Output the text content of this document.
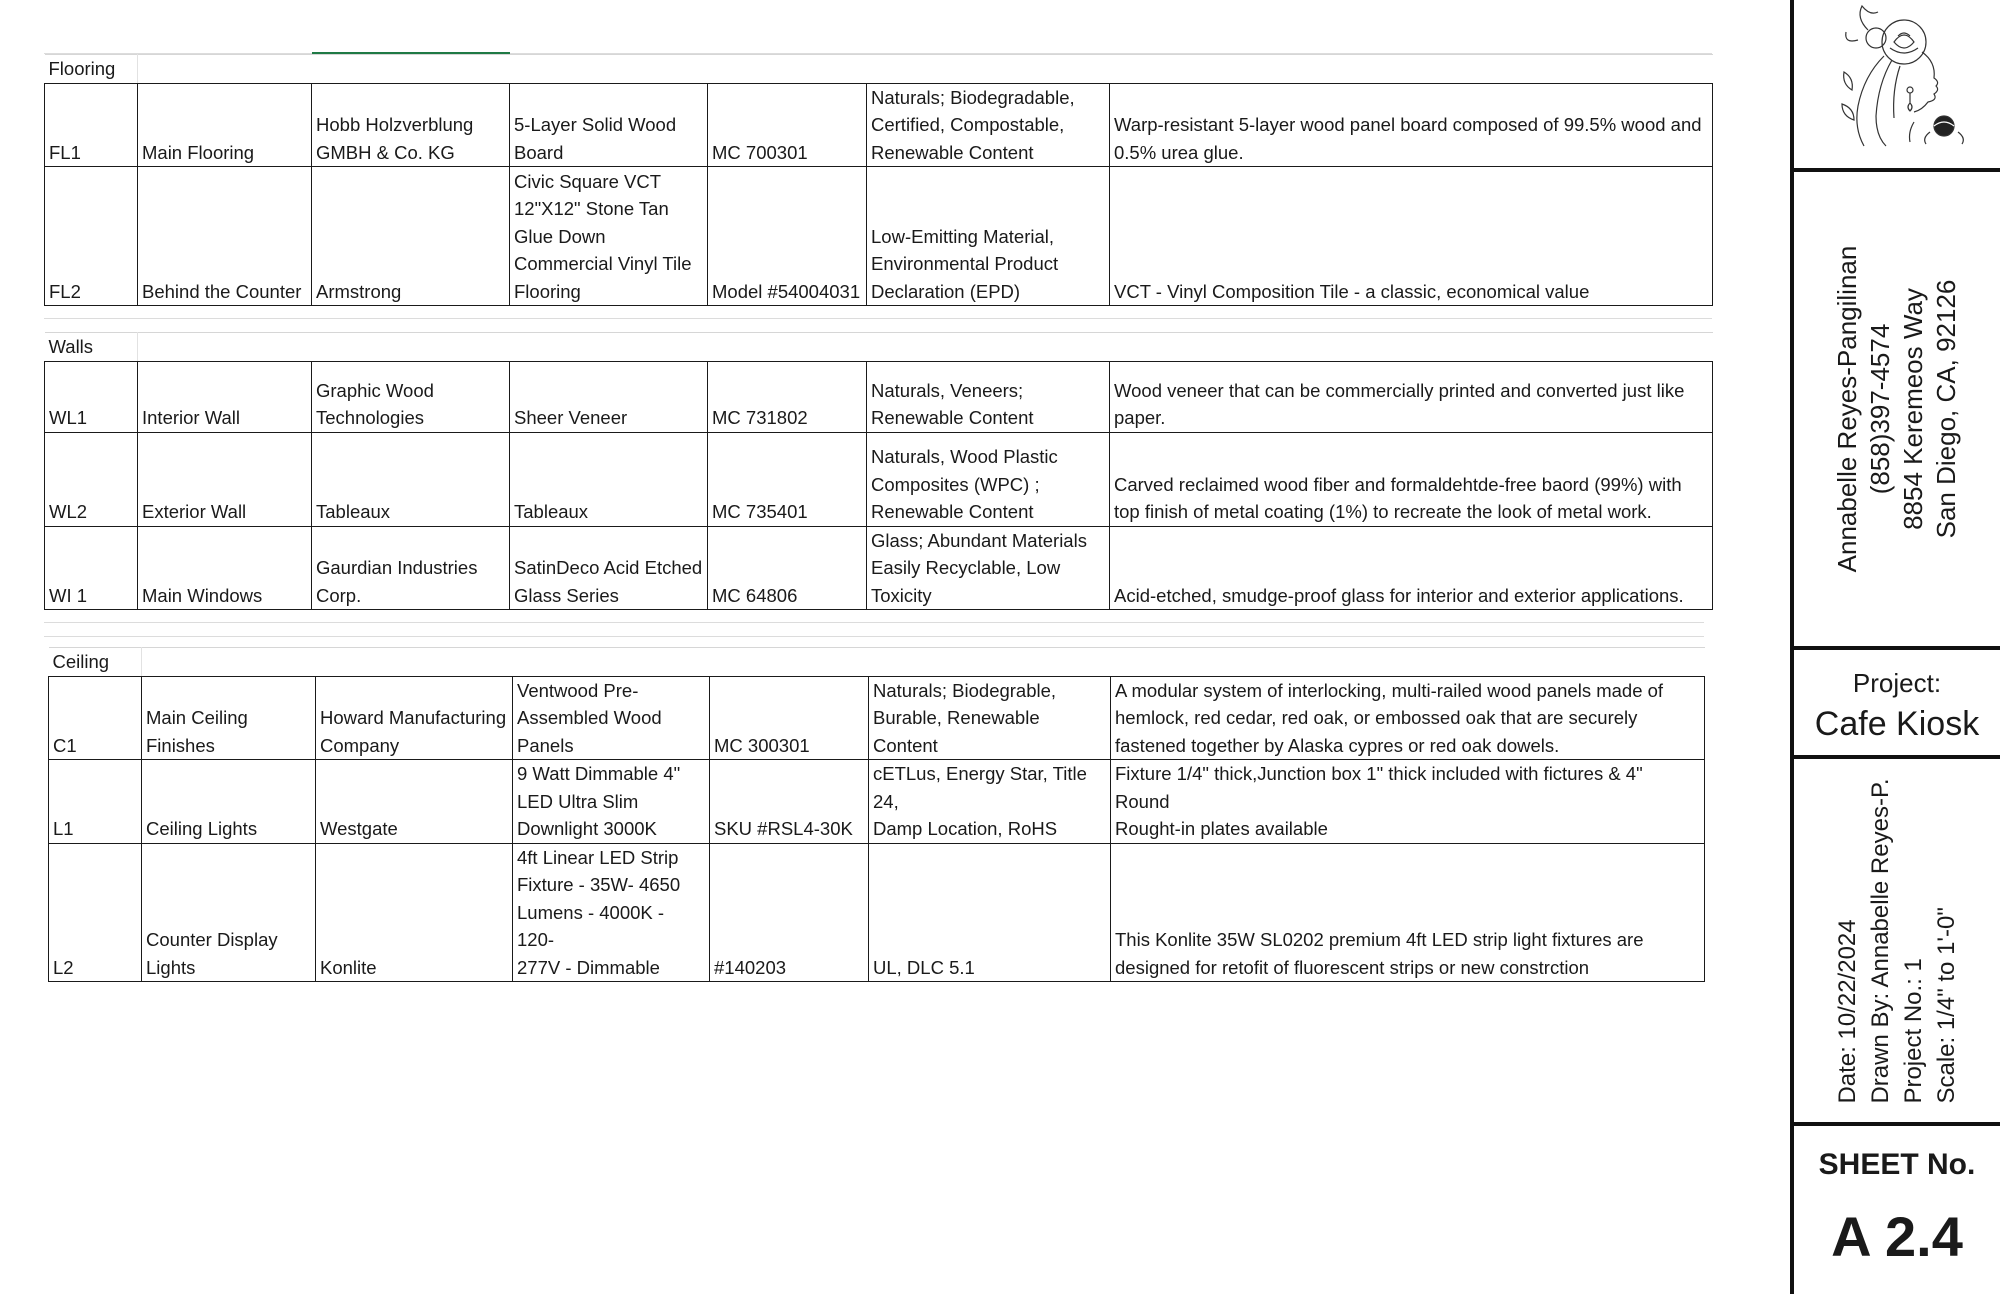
Flooring						
FL1	Main Flooring	Hobb Holzverblung
GMBH & Co. KG	5-Layer Solid Wood
Board	MC 700301	Naturals; Biodegradable,
Certified, Compostable,
Renewable Content	Warp-resistant 5-layer wood panel board composed of 99.5% wood and
0.5% urea glue.
FL2	Behind the Counter	Armstrong	Civic Square VCT
12"X12" Stone Tan
Glue Down
Commercial Vinyl Tile
Flooring	Model #54004031	Low-Emitting Material,
Environmental Product
Declaration (EPD)	VCT - Vinyl Composition Tile - a classic, economical value
Walls						
WL1	Interior Wall	Graphic Wood
Technologies	Sheer Veneer	MC 731802	Naturals, Veneers;
Renewable Content	Wood veneer that can be commercially printed and converted just like
paper.
WL2	Exterior Wall	Tableaux	Tableaux	MC 735401	Naturals, Wood Plastic
Composites (WPC) ;
Renewable Content	Carved reclaimed wood fiber and formaldehtde-free baord (99%) with
top finish of metal coating (1%) to recreate the look of metal work.
WI 1	Main Windows	Gaurdian Industries
Corp.	SatinDeco Acid Etched
Glass Series	MC 64806	Glass; Abundant Materials
Easily Recyclable, Low
Toxicity	Acid-etched, smudge-proof glass for interior and exterior applications.
Ceiling						
C1	Main Ceiling
Finishes	Howard Manufacturing
Company	Ventwood Pre-
Assembled Wood
Panels	MC 300301	Naturals; Biodegrable,
Burable, Renewable Content	A modular system of interlocking, multi-railed wood panels made of
hemlock, red cedar, red oak, or embossed oak that are securely
fastened together by Alaska cypres or red oak dowels.
L1	Ceiling Lights	Westgate	9 Watt Dimmable 4"
LED Ultra Slim
Downlight 3000K	SKU #RSL4-30K	cETLus, Energy Star, Title 24,
Damp Location, RoHS	Fixture 1/4" thick,Junction box 1" thick included with fictures & 4" Round
Rought-in plates available
L2	Counter Display
Lights	Konlite	4ft Linear LED Strip
Fixture - 35W- 4650
Lumens - 4000K - 120-
277V - Dimmable	#140203	UL, DLC 5.1	This Konlite 35W SL0202 premium 4ft LED strip light fixtures are
designed for retofit of fluorescent strips or new constrction
Annabelle Reyes-Pangilinan (858)397-4574 8854 Keremeos Way San Diego, CA, 92126
Project:
Cafe Kiosk
Date: 10/22/2024 Drawn By: Annabelle Reyes-P. Project No.: 1 Scale: 1/4" to 1'-0"
SHEET No.
A 2.4
